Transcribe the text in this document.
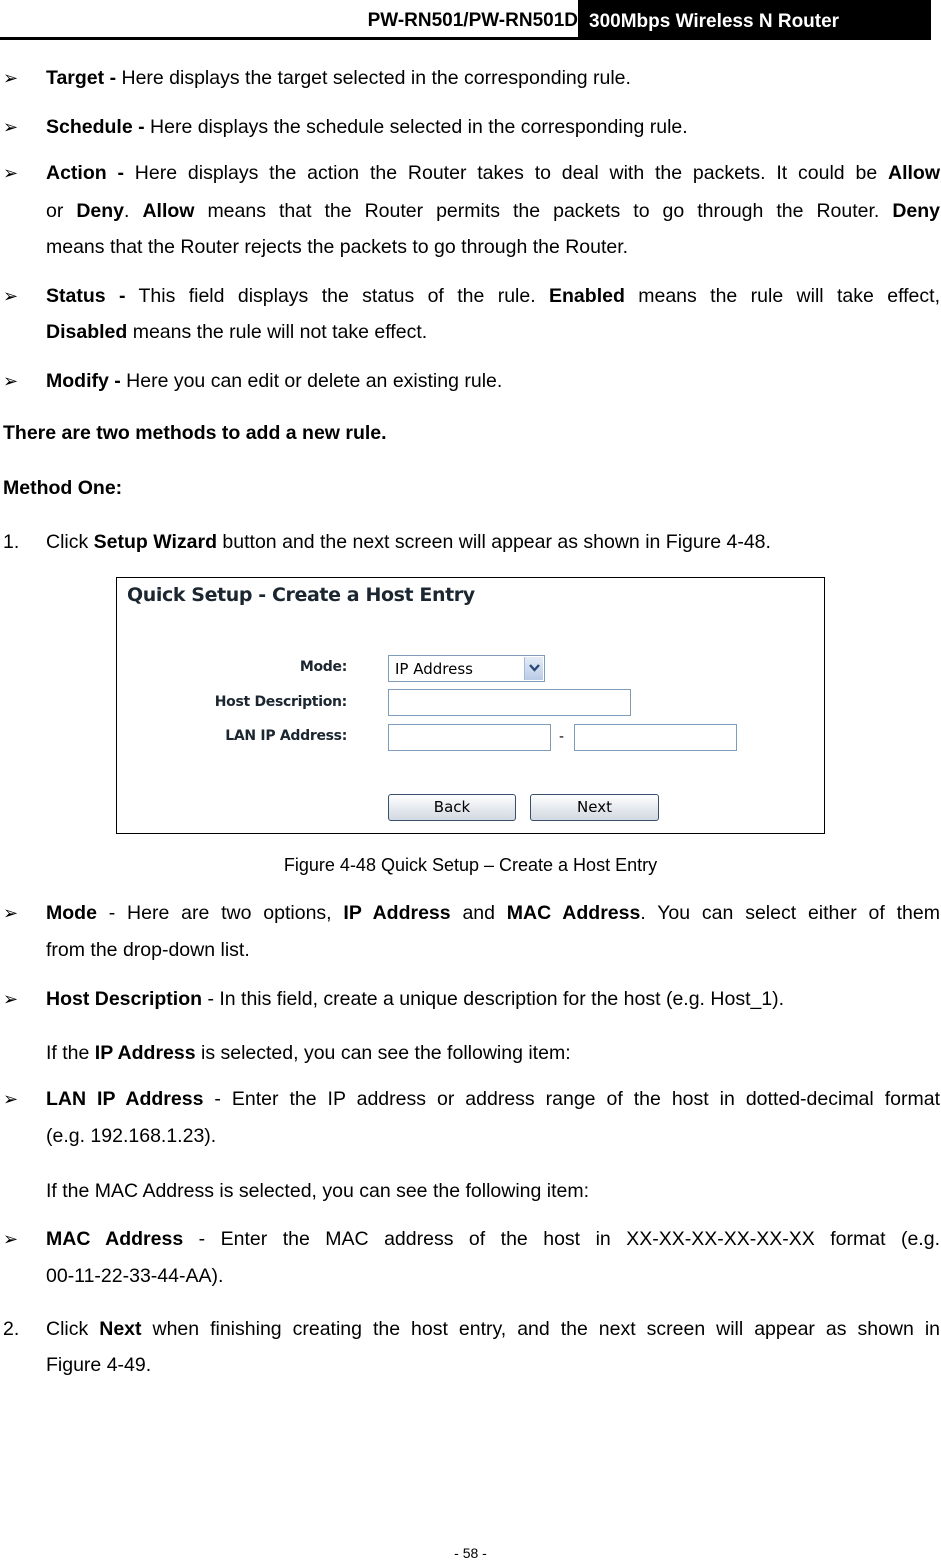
PW-RN501/PW-RN501D 300Mbps Wireless N Router
➢ Target - Here displays the target selected in the corresponding rule.
➢ Schedule - Here displays the schedule selected in the corresponding rule.
➢ Action - Here displays the action the Router takes to deal with the packets. It could be Allow
or Deny. Allow means that the Router permits the packets to go through the Router. Deny
means that the Router rejects the packets to go through the Router.
➢ Status - This field displays the status of the rule. Enabled means the rule will take effect,
Disabled means the rule will not take effect.
➢ Modify - Here you can edit or delete an existing rule.
There are two methods to add a new rule.
Method One:
1. Click Setup Wizard button and the next screen will appear as shown in Figure 4-48.
Quick Setup - Create a Host Entry
Mode:	IP Address
Host Description:
LAN IP Address:	-
Back	Next
Figure 4-48 Quick Setup – Create a Host Entry
➢ Mode - Here are two options, IP Address and MAC Address. You can select either of them
from the drop-down list.
➢ Host Description - In this field, create a unique description for the host (e.g. Host_1).
If the IP Address is selected, you can see the following item:
➢ LAN IP Address - Enter the IP address or address range of the host in dotted-decimal format
(e.g. 192.168.1.23).
If the MAC Address is selected, you can see the following item:
➢ MAC Address - Enter the MAC address of the host in XX-XX-XX-XX-XX-XX format (e.g.
00-11-22-33-44-AA).
2. Click Next when finishing creating the host entry, and the next screen will appear as shown in
Figure 4-49.
- 58 -
